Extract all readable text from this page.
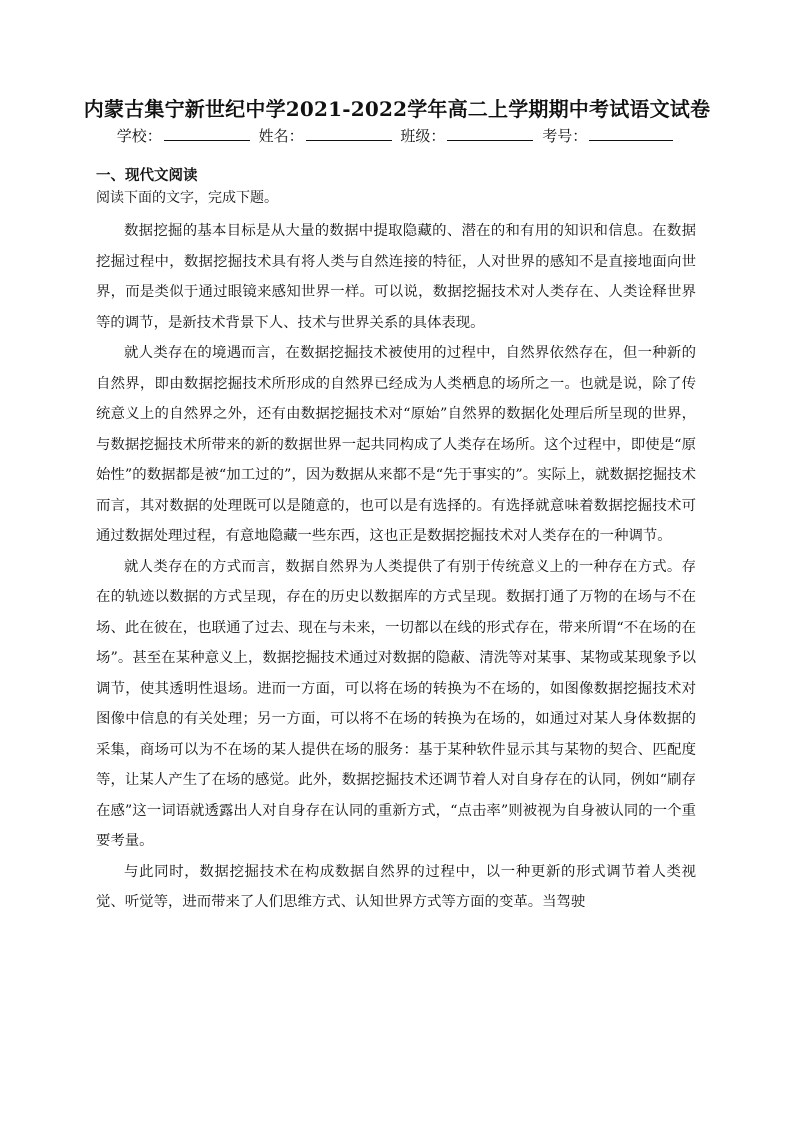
内蒙古集宁新世纪中学2021-2022学年高二上学期期中考试语文试卷
学校：	姓名：	班级：	考号：
一、现代文阅读
阅读下面的文字，完成下题。

数据挖掘的基本目标是从大量的数据中提取隐藏的、潜在的和有用的知识和信息。在数据挖掘过程中，数据挖掘技术具有将人类与自然连接的特征，人对世界的感知不是直接地面向世界，而是类似于通过眼镜来感知世界一样。可以说，数据挖掘技术对人类存在、人类诠释世界等的调节，是新技术背景下人、技术与世界关系的具体表现。

就人类存在的境遇而言，在数据挖掘技术被使用的过程中，自然界依然存在，但一种新的自然界，即由数据挖掘技术所形成的自然界已经成为人类栖息的场所之一。也就是说，除了传统意义上的自然界之外，还有由数据挖掘技术对“原始”自然界的数据化处理后所呈现的世界，与数据挖掘技术所带来的新的数据世界一起共同构成了人类存在场所。这个过程中，即使是“原始性”的数据都是被“加工过的”，因为数据从来都不是“先于事实的”。实际上，就数据挖掘技术而言，其对数据的处理既可以是随意的，也可以是有选择的。有选择就意味着数据挖掘技术可通过数据处理过程，有意地隐藏一些东西，这也正是数据挖掘技术对人类存在的一种调节。

就人类存在的方式而言，数据自然界为人类提供了有别于传统意义上的一种存在方式。存在的轨迹以数据的方式呈现，存在的历史以数据库的方式呈现。数据打通了万物的在场与不在场、此在彼在，也联通了过去、现在与未来，一切都以在线的形式存在，带来所谓“不在场的在场”。甚至在某种意义上，数据挖掘技术通过对数据的隐蔽、清洗等对某事、某物或某现象予以调节，使其透明性退场。进而一方面，可以将在场的转换为不在场的，如图像数据挖掘技术对图像中信息的有关处理；另一方面，可以将不在场的转换为在场的，如通过对某人身体数据的采集，商场可以为不在场的某人提供在场的服务：基于某种软件显示其与某物的契合、匹配度等，让某人产生了在场的感觉。此外，数据挖掘技术还调节着人对自身存在的认同，例如“刷存在感”这一词语就透露出人对自身存在认同的重新方式，“点击率”则被视为自身被认同的一个重要考量。

与此同时，数据挖掘技术在构成数据自然界的过程中，以一种更新的形式调节着人类视觉、听觉等，进而带来了人们思维方式、认知世界方式等方面的变革。当驾驶
